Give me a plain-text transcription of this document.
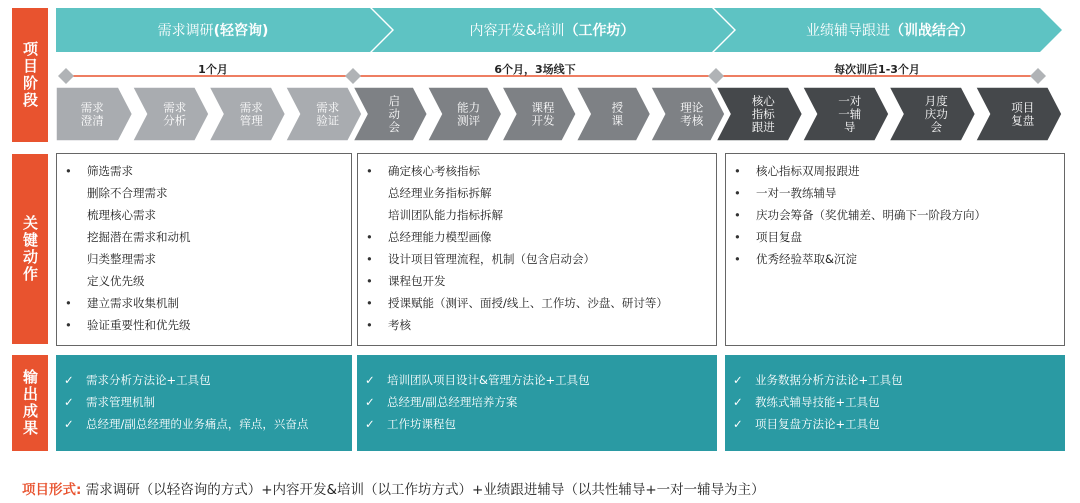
项目阶段
关键动作
输出成果
需求调研(轻咨询)	内容开发&培训（工作坊）	业绩辅导跟进（训战结合）
1个月	6个月，3场线下	每次训后1-3个月
需求
澄清
需求
分析
需求
管理
需求
验证
启
动
会
能力
测评
课程
开发
授
课
理论
考核
核心
指标
跟进
一对
一辅
导
月度
庆功
会
项目
复盘
• 筛选需求
删除不合理需求
梳理核心需求
挖掘潜在需求和动机
归类整理需求
定义优先级
• 建立需求收集机制
• 验证重要性和优先级
• 确定核心考核指标
总经理业务指标拆解
培训团队能力指标拆解
• 总经理能力模型画像
• 设计项目管理流程，机制（包含启动会）
• 课程包开发
• 授课赋能（测评、面授/线上、工作坊、沙盘、研讨等）
• 考核
• 核心指标双周报跟进
• 一对一教练辅导
• 庆功会筹备（奖优辅差、明确下一阶段方向）
• 项目复盘
• 优秀经验萃取&沉淀
✓ 需求分析方法论+工具包
✓ 需求管理机制
✓ 总经理/副总经理的业务痛点，痒点，兴奋点
✓ 培训团队项目设计&管理方法论+工具包
✓ 总经理/副总经理培养方案
✓ 工作坊课程包
✓ 业务数据分析方法论+工具包
✓ 教练式辅导技能+工具包
✓ 项目复盘方法论+工具包
项目形式: 需求调研（以轻咨询的方式）+内容开发&培训（以工作坊方式）+业绩跟进辅导（以共性辅导+一对一辅导为主）
